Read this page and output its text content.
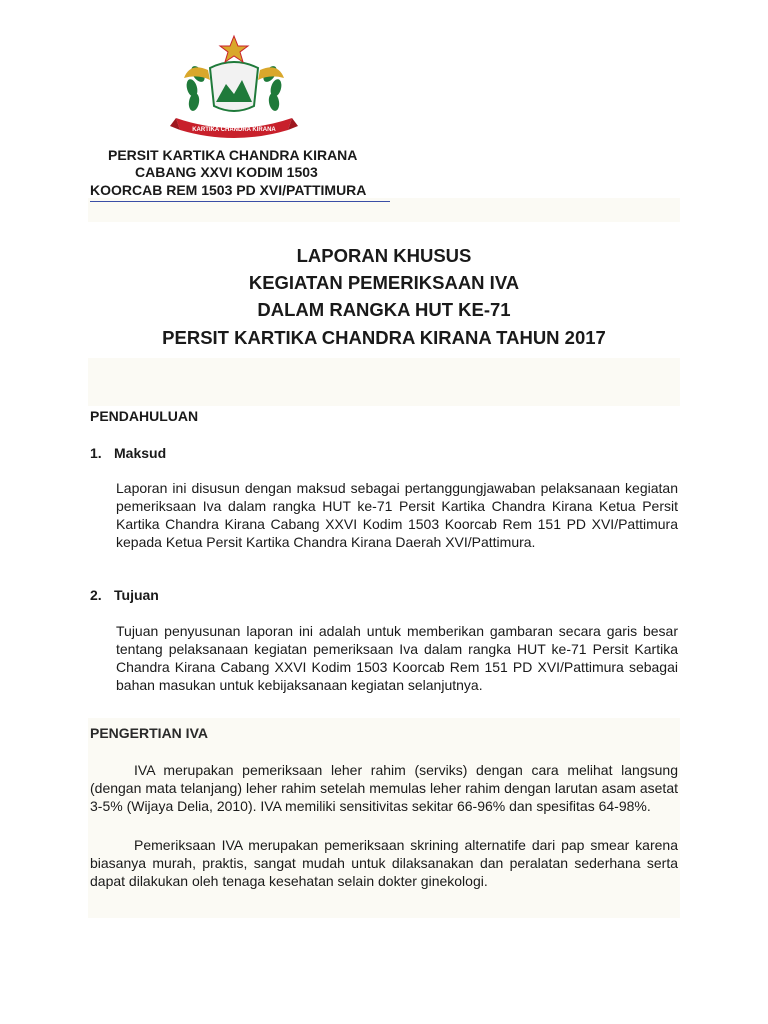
KARTIKA CHANDRA KIRANA
PERSIT KARTIKA CHANDRA KIRANA
CABANG XXVI KODIM 1503
KOORCAB REM 1503 PD XVI/PATTIMURA
LAPORAN KHUSUS
KEGIATAN PEMERIKSAAN IVA
DALAM RANGKA HUT KE-71
PERSIT KARTIKA CHANDRA KIRANA TAHUN 2017
PENDAHULUAN
1. Maksud
Laporan ini disusun dengan maksud sebagai pertanggungjawaban pelaksanaan kegiatan pemeriksaan Iva dalam rangka HUT ke-71 Persit Kartika Chandra Kirana Ketua Persit Kartika Chandra Kirana Cabang XXVI Kodim 1503 Koorcab Rem 151 PD XVI/Pattimura kepada Ketua Persit Kartika Chandra Kirana Daerah XVI/Pattimura.
2. Tujuan
Tujuan penyusunan laporan ini adalah untuk memberikan gambaran secara garis besar tentang pelaksanaan kegiatan pemeriksaan Iva dalam rangka HUT ke-71 Persit Kartika Chandra Kirana Cabang XXVI Kodim 1503 Koorcab Rem 151 PD XVI/Pattimura sebagai bahan masukan untuk kebijaksanaan kegiatan selanjutnya.
PENGERTIAN IVA
IVA merupakan pemeriksaan leher rahim (serviks) dengan cara melihat langsung (dengan mata telanjang) leher rahim setelah memulas leher rahim dengan larutan asam asetat 3-5% (Wijaya Delia, 2010). IVA memiliki sensitivitas sekitar 66-96% dan spesifitas 64-98%.
Pemeriksaan IVA merupakan pemeriksaan skrining alternatife dari pap smear karena biasanya murah, praktis, sangat mudah untuk dilaksanakan dan peralatan sederhana serta dapat dilakukan oleh tenaga kesehatan selain dokter ginekologi.
